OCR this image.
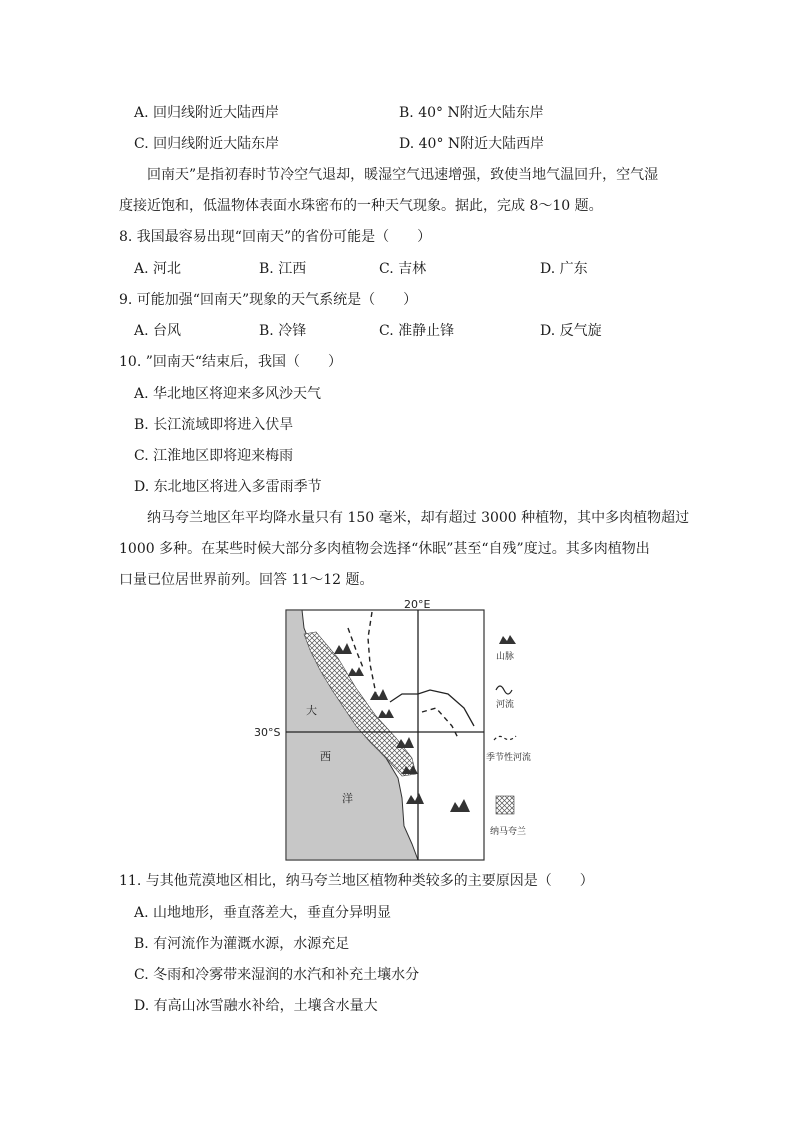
A. 回归线附近大陆西岸	B. 40° N附近大陆东岸
C. 回归线附近大陆东岸	D. 40° N附近大陆西岸
回南天”是指初春时节冷空气退却，暖湿空气迅速增强，致使当地气温回升，空气湿
度接近饱和，低温物体表面水珠密布的一种天气现象。据此，完成 8～10 题。
8. 我国最容易出现“回南天”的省份可能是（　　）
A. 河北	B. 江西	C. 吉林	D. 广东
9. 可能加强“回南天”现象的天气系统是（　　）
A. 台风	B. 冷锋	C. 准静止锋	D. 反气旋
10. ”回南天“结束后，我国（　　）
A. 华北地区将迎来多风沙天气
B. 长江流域即将进入伏旱
C. 江淮地区即将迎来梅雨
D. 东北地区将进入多雷雨季节
纳马夸兰地区年平均降水量只有 150 毫米，却有超过 3000 种植物，其中多肉植物超过
1000 多种。在某些时候大部分多肉植物会选择“休眠”甚至“自残”度过。其多肉植物出
口量已位居世界前列。回答 11～12 题。
20°E
30°S
大
西
洋
山脉
河流
季节性河流
纳马夸兰
11. 与其他荒漠地区相比，纳马夸兰地区植物种类较多的主要原因是（　　）
A. 山地地形，垂直落差大，垂直分异明显
B. 有河流作为灌溉水源，水源充足
C. 冬雨和冷雾带来湿润的水汽和补充土壤水分
D. 有高山冰雪融水补给，土壤含水量大
